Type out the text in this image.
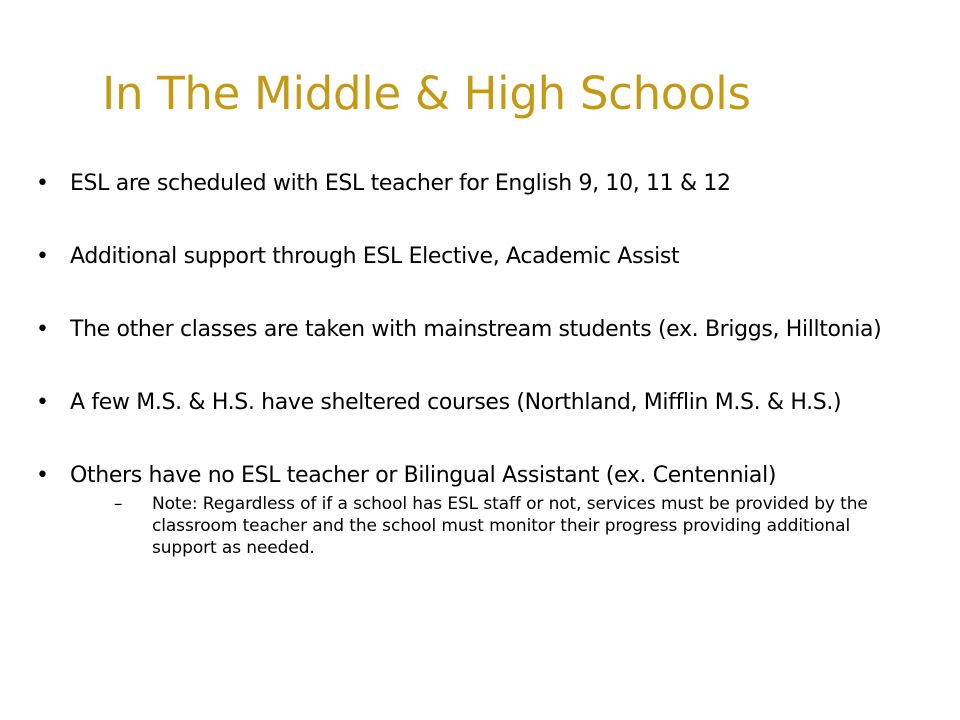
In The Middle & High Schools
• ESL are scheduled with ESL teacher for English 9, 10, 11 & 12
• Additional support through ESL Elective, Academic Assist
• The other classes are taken with mainstream students (ex. Briggs, Hilltonia)
• A few M.S. & H.S. have sheltered courses (Northland, Mifflin M.S. & H.S.)
• Others have no ESL teacher or Bilingual Assistant (ex. Centennial)
– Note: Regardless of if a school has ESL staff or not, services must be provided by the classroom teacher and the school must monitor their progress providing additional support as needed.
